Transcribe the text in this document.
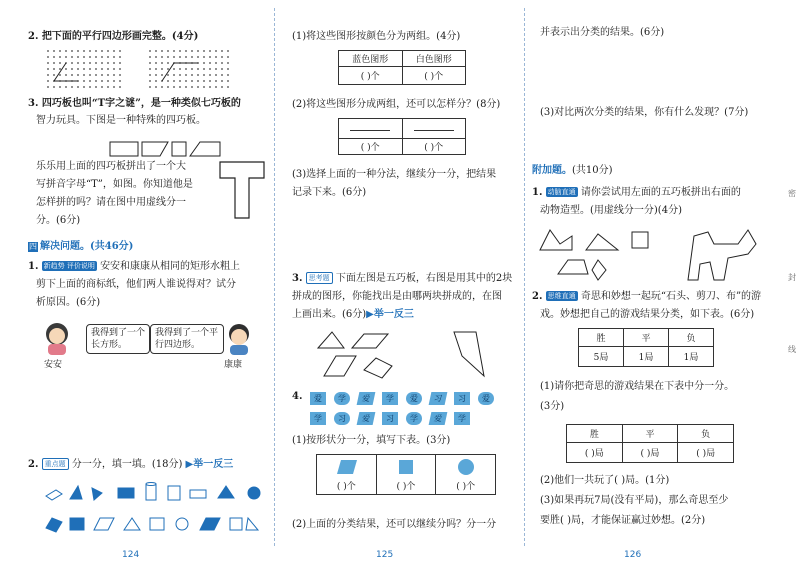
2. 把下面的平行四边形画完整。(4分)
3. 四巧板也叫“T字之谜”，是一种类似七巧板的
智力玩具。下图是一种特殊的四巧板。
乐乐用上面的四巧板拼出了一个大
写拼音字母“T”，如图。你知道他是
怎样拼的吗？请在图中用虚线分一
分。(6分)
四 解决问题。(共46分)
1. 新趋势 评价说明 安安和康康从相同的矩形水粗上
剪下上面的商标纸，他们两人谁说得对？试分
析原因。(6分)
我得到了一个长方形。
我得到了一个平行四边形。
安安	康康
2. 重点题 分一分，填一填。(18分) ▶举一反三
124
(1)将这些图形按颜色分为两组。(4分)
蓝色图形	白色图形
( )个	( )个
(2)将这些图形分成两组，还可以怎样分？(8分)

( )个	( )个
(3)选择上面的一种分法，继续分一分，把结果
记录下来。(6分)
3. 思考题 下面左图是五巧板，右图是用其中的2块
拼成的图形，你能找出是由哪两块拼成的，在图
上画出来。(6分)▶举一反三
4.	爱	学	爱	学	爱	习	习	爱
学	习	爱	习	学	爱	学
(1)按形状分一分，填写下表。(3分)

( )个	( )个	( )个
(2)上面的分类结果，还可以继续分吗？分一分
125
并表示出分类的结果。(6分)
(3)对比两次分类的结果，你有什么发现？(7分)
附加题。(共10分)
1. 动脑直通 请你尝试用左面的五巧板拼出右面的
动物造型。(用虚线分一分)(4分)
2. 思维直通 奇思和妙想一起玩“石头、剪刀、布”的游
戏。妙想把自己的游戏结果分类，如下表。(6分)
胜	平	负
5局	1局	1局
(1)请你把奇思的游戏结果在下表中分一分。
(3分)
胜	平	负
( )局	( )局	( )局
(2)他们一共玩了( )局。(1分)
(3)如果再玩7局(没有平局)，那么奇思至少
要胜( )局，才能保证赢过妙想。(2分)
126
密
封
线
